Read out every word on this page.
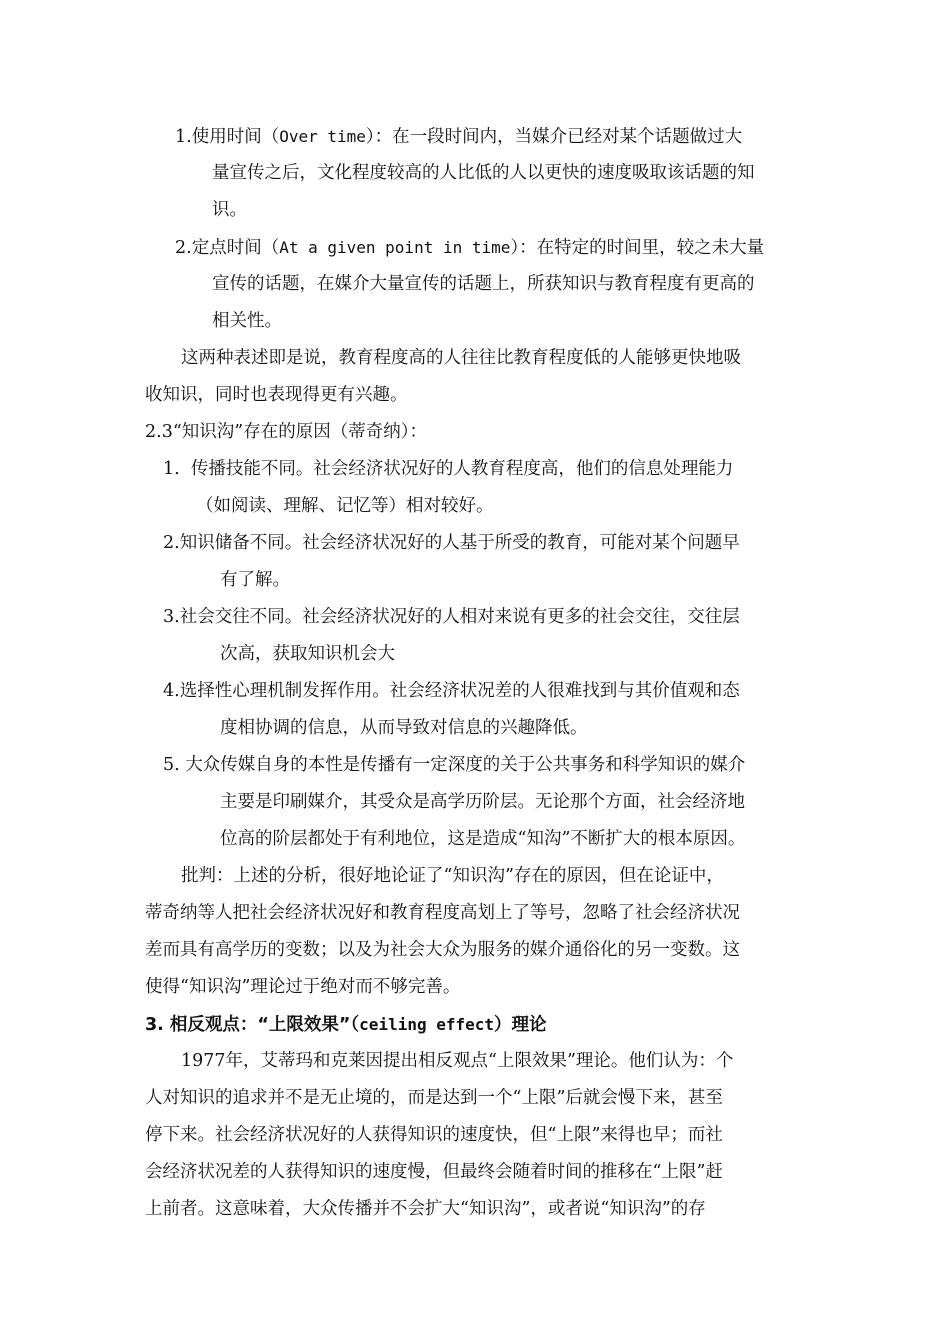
1.使用时间（Over time）：在一段时间内，当媒介已经对某个话题做过大
量宣传之后，文化程度较高的人比低的人以更快的速度吸取该话题的知
识。
2.定点时间（At a given point in time）：在特定的时间里，较之未大量
宣传的话题，在媒介大量宣传的话题上，所获知识与教育程度有更高的
相关性。
这两种表述即是说，教育程度高的人往往比教育程度低的人能够更快地吸
收知识，同时也表现得更有兴趣。
2.3“知识沟”存在的原因（蒂奇纳）：
1. 传播技能不同。社会经济状况好的人教育程度高，他们的信息处理能力
（如阅读、理解、记忆等）相对较好。
2.知识储备不同。社会经济状况好的人基于所受的教育，可能对某个问题早
有了解。
3.社会交往不同。社会经济状况好的人相对来说有更多的社会交往，交往层
次高，获取知识机会大
4.选择性心理机制发挥作用。社会经济状况差的人很难找到与其价值观和态
度相协调的信息，从而导致对信息的兴趣降低。
5. 大众传媒自身的本性是传播有一定深度的关于公共事务和科学知识的媒介
主要是印刷媒介，其受众是高学历阶层。无论那个方面，社会经济地
位高的阶层都处于有利地位，这是造成“知沟”不断扩大的根本原因。
批判：上述的分析，很好地论证了“知识沟”存在的原因，但在论证中，
蒂奇纳等人把社会经济状况好和教育程度高划上了等号，忽略了社会经济状况
差而具有高学历的变数；以及为社会大众为服务的媒介通俗化的另一变数。这
使得“知识沟”理论过于绝对而不够完善。
3. 相反观点：“上限效果”（ceiling effect）理论
1977年，艾蒂玛和克莱因提出相反观点“上限效果”理论。他们认为：个
人对知识的追求并不是无止境的，而是达到一个“上限”后就会慢下来，甚至
停下来。社会经济状况好的人获得知识的速度快，但“上限”来得也早；而社
会经济状况差的人获得知识的速度慢，但最终会随着时间的推移在“上限”赶
上前者。这意味着，大众传播并不会扩大“知识沟”，或者说“知识沟”的存
